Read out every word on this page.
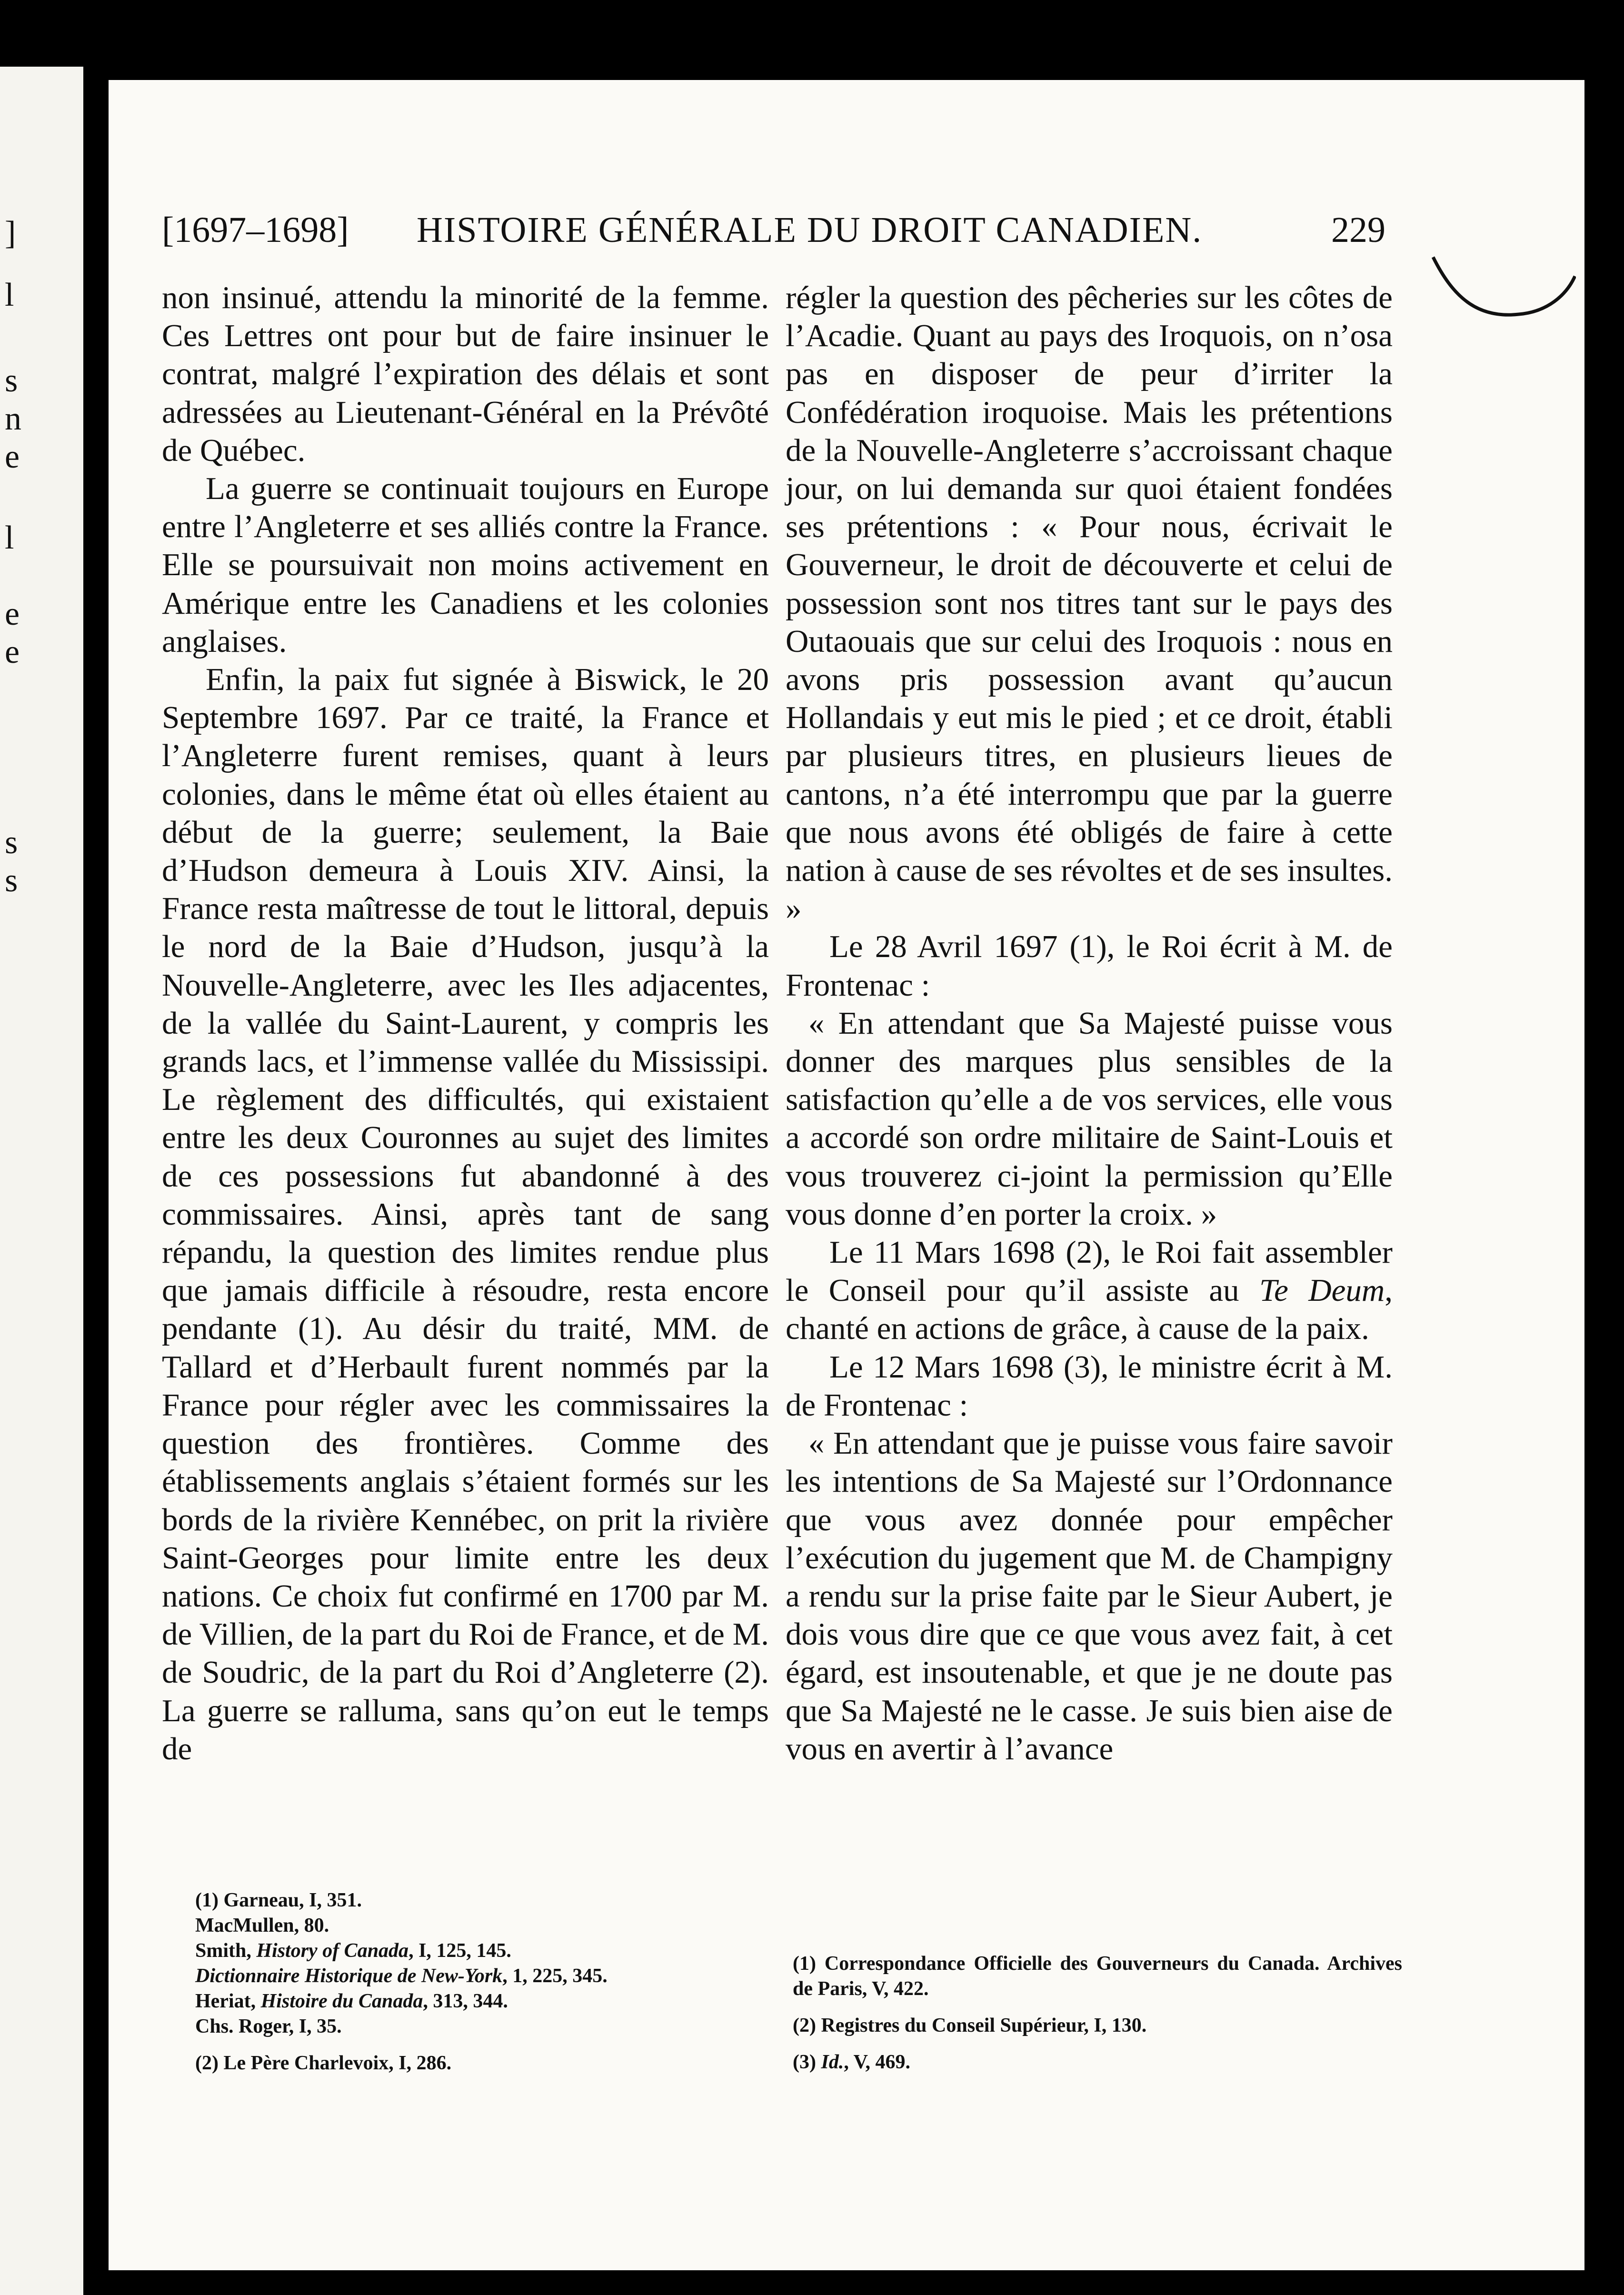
]
l
s
n
e
l
e
e
s
s
[1697–1698] HISTOIRE GÉNÉRALE DU DROIT CANADIEN.	229

non insinué, attendu la minorité de la femme. Ces Lettres ont pour but de faire insinuer le contrat, malgré l’expiration des délais et sont adressées au Lieutenant-Général en la Prévôté de Québec.

La guerre se continuait toujours en Europe entre l’Angleterre et ses alliés contre la France. Elle se poursuivait non moins activement en Amérique entre les Canadiens et les colonies anglaises.

Enfin, la paix fut signée à Biswick, le 20 Septembre 1697. Par ce traité, la France et l’Angleterre furent remises, quant à leurs colonies, dans le même état où elles étaient au début de la guerre; seulement, la Baie d’Hudson demeura à Louis XIV. Ainsi, la France resta maîtresse de tout le littoral, depuis le nord de la Baie d’Hudson, jusqu’à la Nouvelle-Angleterre, avec les Iles adjacentes, de la vallée du Saint-Laurent, y compris les grands lacs, et l’immense vallée du Mississipi. Le règlement des difficultés, qui existaient entre les deux Couronnes au sujet des limites de ces possessions fut abandonné à des commissaires. Ainsi, après tant de sang répandu, la question des limites rendue plus que jamais difficile à résoudre, resta encore pendante (1). Au désir du traité, MM. de Tallard et d’Herbault furent nommés par la France pour régler avec les commissaires la question des frontières. Comme des établissements anglais s’étaient formés sur les bords de la rivière Kennébec, on prit la rivière Saint-Georges pour limite entre les deux nations. Ce choix fut confirmé en 1700 par M. de Villien, de la part du Roi de France, et de M. de Soudric, de la part du Roi d’Angleterre (2). La guerre se ralluma, sans qu’on eut le temps de

régler la question des pêcheries sur les côtes de l’Acadie. Quant au pays des Iroquois, on n’osa pas en disposer de peur d’irriter la Confédération iroquoise. Mais les prétentions de la Nouvelle-Angleterre s’accroissant chaque jour, on lui demanda sur quoi étaient fondées ses prétentions : « Pour nous, écrivait le Gouverneur, le droit de découverte et celui de possession sont nos titres tant sur le pays des Outaouais que sur celui des Iroquois : nous en avons pris possession avant qu’aucun Hollandais y eut mis le pied ; et ce droit, établi par plusieurs titres, en plusieurs lieues de cantons, n’a été interrompu que par la guerre que nous avons été obligés de faire à cette nation à cause de ses révoltes et de ses insultes. »

Le 28 Avril 1697 (1), le Roi écrit à M. de Frontenac :

« En attendant que Sa Majesté puisse vous donner des marques plus sensibles de la satisfaction qu’elle a de vos services, elle vous a accordé son ordre militaire de Saint-Louis et vous trouverez ci-joint la permission qu’Elle vous donne d’en porter la croix. »

Le 11 Mars 1698 (2), le Roi fait assembler le Conseil pour qu’il assiste au Te Deum, chanté en actions de grâce, à cause de la paix.

Le 12 Mars 1698 (3), le ministre écrit à M. de Frontenac :

« En attendant que je puisse vous faire savoir les intentions de Sa Majesté sur l’Ordonnance que vous avez donnée pour empêcher l’exécution du jugement que M. de Champigny a rendu sur la prise faite par le Sieur Aubert, je dois vous dire que ce que vous avez fait, à cet égard, est insoutenable, et que je ne doute pas que Sa Majesté ne le casse. Je suis bien aise de vous en avertir à l’avance

(1) Garneau, I, 351.
MacMullen, 80.
Smith, History of Canada, I, 125, 145.
Dictionnaire Historique de New-York, 1, 225, 345.
Heriat, Histoire du Canada, 313, 344.
Chs. Roger, I, 35.
(2) Le Père Charlevoix, I, 286.
(1) Correspondance Officielle des Gouverneurs du Canada. Archives de Paris, V, 422.
(2) Registres du Conseil Supérieur, I, 130.
(3) Id., V, 469.
